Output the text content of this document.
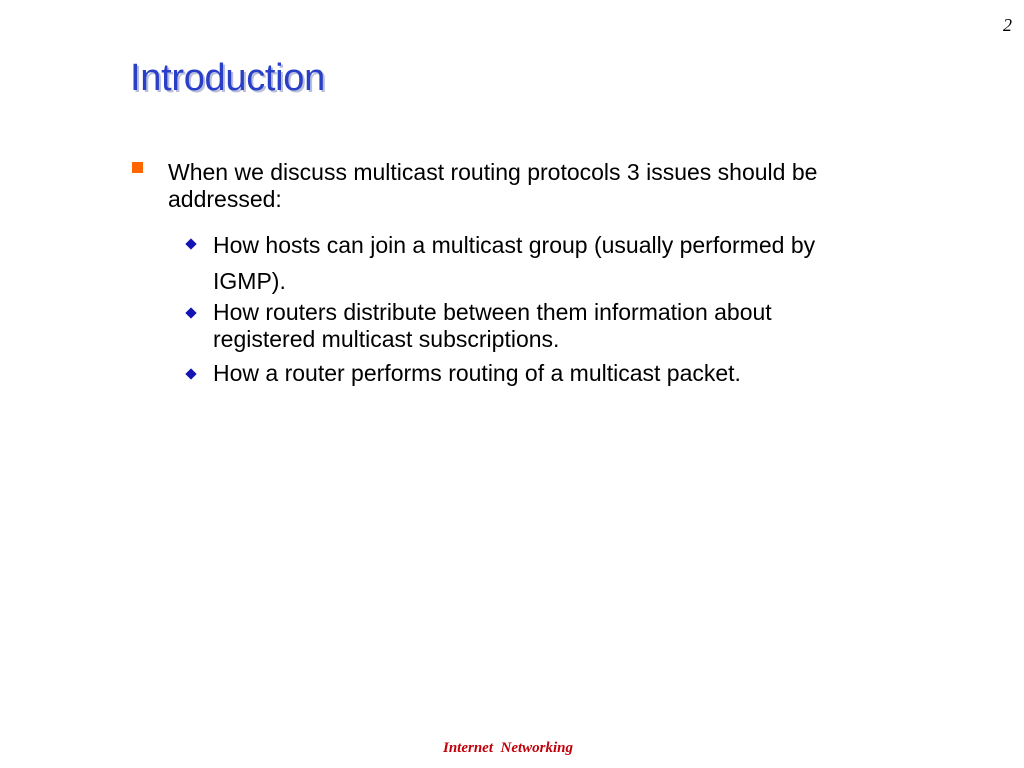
2
Introduction
When we discuss multicast routing protocols 3 issues should be addressed:
How hosts can join a multicast group (usually performed by IGMP).
How routers distribute between them information about registered multicast subscriptions.
How a router performs routing of a multicast packet.
Internet  Networking
